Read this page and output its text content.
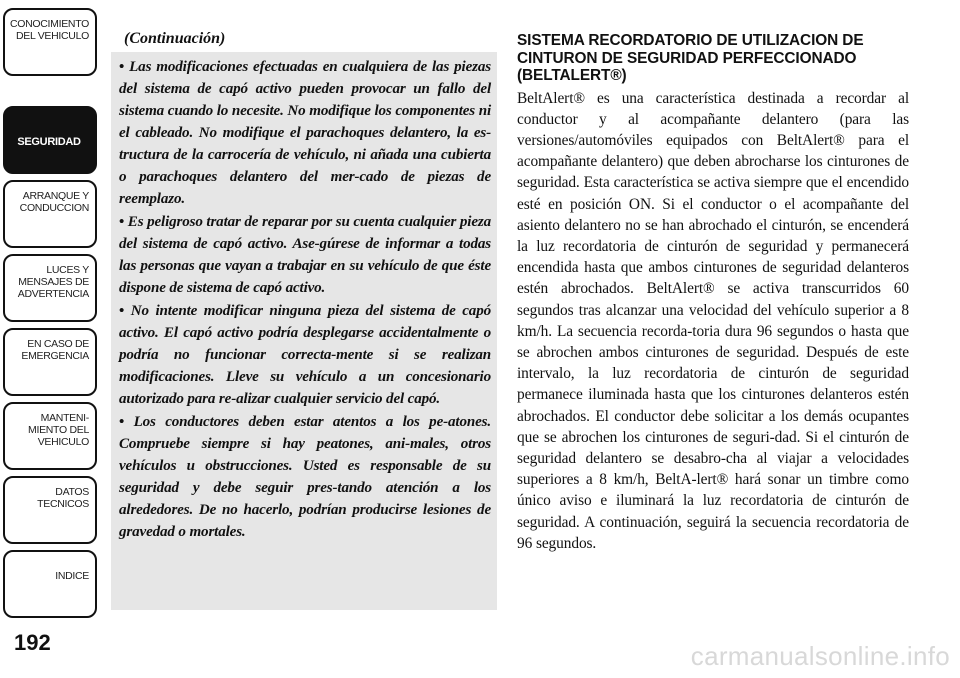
CONOCIMIENTO
DEL VEHICULO
SEGURIDAD
ARRANQUE Y
CONDUCCION
LUCES Y
MENSAJES DE
ADVERTENCIA
EN CASO DE
EMERGENCIA
MANTENI-
MIENTO DEL
VEHICULO
DATOS
TECNICOS
INDICE
192
(Continuación)

• Las modificaciones efectuadas en cualquiera de las piezas del sistema de capó activo pueden provocar un fallo del sistema cuando lo necesite. No modifique los componentes ni el cableado. No modifique el parachoques delantero, la es-tructura de la carrocería de vehículo, ni añada una cubierta o parachoques delantero del mer-cado de piezas de reemplazo.

• Es peligroso tratar de reparar por su cuenta cualquier pieza del sistema de capó activo. Ase-gúrese de informar a todas las personas que vayan a trabajar en su vehículo de que éste dispone de sistema de capó activo.

• No intente modificar ninguna pieza del sistema de capó activo. El capó activo podría desplegarse accidentalmente o podría no funcionar correcta-mente si se realizan modificaciones. Lleve su vehículo a un concesionario autorizado para re-alizar cualquier servicio del capó.

• Los conductores deben estar atentos a los pe-atones. Compruebe siempre si hay peatones, ani-males, otros vehículos u obstrucciones. Usted es responsable de su seguridad y debe seguir pres-tando atención a los alrededores. De no hacerlo, podrían producirse lesiones de gravedad o mortales.

SISTEMA RECORDATORIO DE UTILIZACION DE CINTURON DE SEGURIDAD PERFECCIONADO (BELTALERT®)

BeltAlert® es una característica destinada a recordar al conductor y al acompañante delantero (para las versiones/automóviles equipados con BeltAlert® para el acompañante delantero) que deben abrocharse los cinturones de seguridad. Esta característica se activa siempre que el encendido esté en posición ON. Si el conductor o el acompañante del asiento delantero no se han abrochado el cinturón, se encenderá la luz recordatoria de cinturón de seguridad y permanecerá encendida hasta que ambos cinturones de seguridad delanteros estén abrochados. BeltAlert® se activa transcurridos 60 segundos tras alcanzar una velocidad del vehículo superior a 8 km/h. La secuencia recorda-toria dura 96 segundos o hasta que se abrochen ambos cinturones de seguridad. Después de este intervalo, la luz recordatoria de cinturón de seguridad permanece iluminada hasta que los cinturones delanteros estén abrochados. El conductor debe solicitar a los demás ocupantes que se abrochen los cinturones de seguri-dad. Si el cinturón de seguridad delantero se desabro-cha al viajar a velocidades superiores a 8 km/h, BeltA-lert® hará sonar un timbre como único aviso e iluminará la luz recordatoria de cinturón de seguridad. A continuación, seguirá la secuencia recordatoria de 96 segundos.

carmanualsonline.info
